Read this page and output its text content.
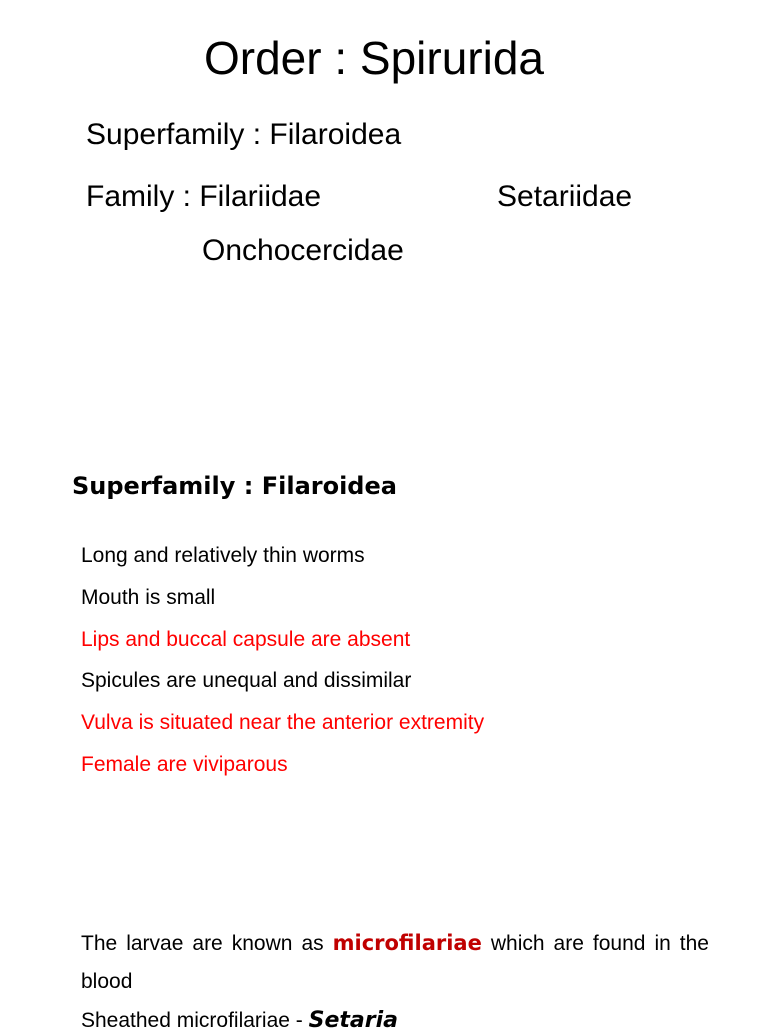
Order : Spirurida
Superfamily : Filaroidea
Family : Filariidae	Setariidae
Onchocercidae
Superfamily : Filaroidea
Long and relatively thin worms
Mouth is small
Lips and buccal capsule are absent
Spicules are unequal and dissimilar
Vulva is situated near the anterior extremity
Female are viviparous
The larvae are known as microfilariae which are found in the blood
Sheathed microfilariae - Setaria
